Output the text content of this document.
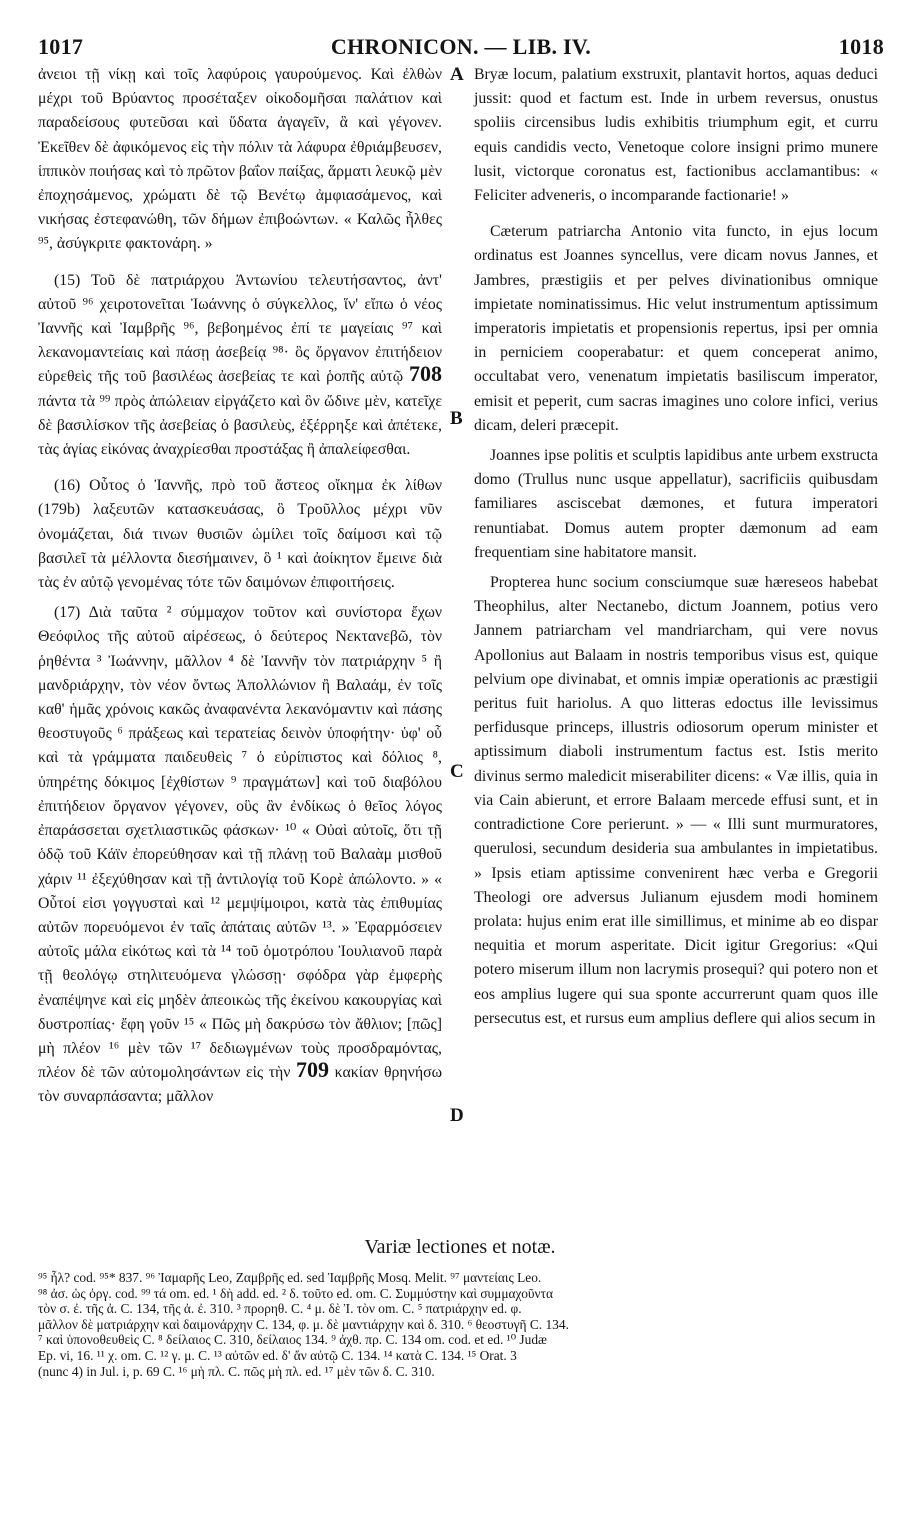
1017	CHRONICON. — LIB. IV.	1018
A
B
C
D

ἀνειοι τῇ νίκῃ καὶ τοῖς λαφύροις γαυρούμενος. Καὶ ἐλθὼν μέχρι τοῦ Βρύαντος προσέταξεν οἰκοδομῆσαι παλάτιον καὶ παραδείσους φυτεῦσαι καὶ ὕδατα ἀγαγεῖν, ἃ καὶ γέγονεν. Ἐκεῖθεν δὲ ἀφικόμενος εἰς τὴν πόλιν τὰ λάφυρα ἐθριάμβευσεν, ἱππικὸν ποιήσας καὶ τὸ πρῶτον βαΐον παίξας, ἅρματι λευκῷ μὲν ἐποχησάμενος, χρώματι δὲ τῷ Βενέτῳ ἀμφιασάμενος, καὶ νικήσας ἐστεφανώθη, τῶν δήμων ἐπιβοώντων. « Καλῶς ἦλθες ⁹⁵, ἀσύγκριτε φακτονάρη. »

(15) Τοῦ δὲ πατριάρχου Ἀντωνίου τελευτήσαντος, ἀντ' αὐτοῦ ⁹⁶ χειροτονεῖται Ἰωάννης ὁ σύγκελλος, ἵν' εἴπω ὁ νέος Ἰαννῆς καὶ Ἰαμβρῆς ⁹⁶, βεβοημένος ἐπί τε μαγείαις ⁹⁷ καὶ λεκανομαντείαις καὶ πάσῃ ἀσεβείᾳ ⁹⁸· ὃς ὄργανον ἐπιτήδειον εὑρεθεὶς τῆς τοῦ βασιλέως ἀσεβείας τε καὶ ῥοπῆς αὐτῷ 708 πάντα τὰ ⁹⁹ πρὸς ἀπώλειαν εἰργάζετο καὶ ὃν ὤδινε μὲν, κατεῖχε δὲ βασιλίσκον τῆς ἀσεβείας ὁ βασιλεὺς, ἐξέρρηξε καὶ ἀπέτεκε, τὰς ἁγίας εἰκόνας ἀναχρίεσθαι προστάξας ἢ ἀπαλείφεσθαι.

(16) Οὗτος ὁ Ἰαννῆς, πρὸ τοῦ ἄστεος οἴκημα ἐκ λίθων (179b) λαξευτῶν κατασκευάσας, ὃ Τροῦλλος μέχρι νῦν ὀνομάζεται, διά τινων θυσιῶν ὡμίλει τοῖς δαίμοσι καὶ τῷ βασιλεῖ τὰ μέλλοντα διεσήμαινεν, ὃ ¹ καὶ ἀοίκητον ἔμεινε διὰ τὰς ἐν αὐτῷ γενομένας τότε τῶν δαιμόνων ἐπιφοιτήσεις.

(17) Διὰ ταῦτα ² σύμμαχον τοῦτον καὶ συνίστορα ἔχων Θεόφιλος τῆς αὐτοῦ αἱρέσεως, ὁ δεύτερος Νεκτανεβῶ, τὸν ῥηθέντα ³ Ἰωάννην, μᾶλλον ⁴ δὲ Ἰαννῆν τὸν πατριάρχην ⁵ ἢ μανδριάρχην, τὸν νέον ὄντως Ἀπολλώνιον ἢ Βαλαάμ, ἐν τοῖς καθ' ἡμᾶς χρόνοις κακῶς ἀναφανέντα λεκανόμαντιν καὶ πάσης θεοστυγοῦς ⁶ πράξεως καὶ τερατείας δεινὸν ὑποφήτην· ὑφ' οὗ καὶ τὰ γράμματα παιδευθεὶς ⁷ ὁ εὐρίπιστος καὶ δόλιος ⁸, ὑπηρέτης δόκιμος [ἐχθίστων ⁹ πραγμάτων] καὶ τοῦ διαβόλου ἐπιτήδειον ὄργανον γέγονεν, οὓς ἂν ἐνδίκως ὁ θεῖος λόγος ἐπαράσσεται σχετλιαστικῶς φάσκων· ¹⁰ « Οὐαὶ αὐτοῖς, ὅτι τῇ ὁδῷ τοῦ Κάϊν ἐπορεύθησαν καὶ τῇ πλάνῃ τοῦ Βαλαὰμ μισθοῦ χάριν ¹¹ ἐξεχύθησαν καὶ τῇ ἀντιλογίᾳ τοῦ Κορὲ ἀπώλοντο. » « Οὗτοί εἰσι γογγυσταὶ καὶ ¹² μεμψίμοιροι, κατὰ τὰς ἐπιθυμίας αὐτῶν πορευόμενοι ἐν ταῖς ἀπάταις αὐτῶν ¹³. » Ἐφαρμόσειεν αὐτοῖς μάλα εἰκότως καὶ τὰ ¹⁴ τοῦ ὁμοτρόπου Ἰουλιανοῦ παρὰ τῇ θεολόγῳ στηλιτευόμενα γλώσσῃ· σφόδρα γὰρ ἐμφερὴς ἐναπέψηνε καὶ εἰς μηδὲν ἀπεοικὼς τῆς ἐκείνου κακουργίας καὶ δυστροπίας· ἔφη γοῦν ¹⁵ « Πῶς μὴ δακρύσω τὸν ἄθλιον; [πῶς] μὴ πλέον ¹⁶ μὲν τῶν ¹⁷ δεδιωγμένων τοὺς προσδραμόντας, πλέον δὲ τῶν αὐτομολησάντων εἰς τὴν 709 κακίαν θρηνήσω τὸν συναρπάσαντα; μᾶλλον

Bryæ locum, palatium exstruxit, plantavit hortos, aquas deduci jussit: quod et factum est. Inde in urbem reversus, onustus spoliis circensibus ludis exhibitis triumphum egit, et curru equis candidis vecto, Venetoque colore insigni primo munere lusit, victorque coronatus est, factionibus acclamantibus: « Feliciter adveneris, o incomparande factionarie! »

Cæterum patriarcha Antonio vita functo, in ejus locum ordinatus est Joannes syncellus, vere dicam novus Jannes, et Jambres, præstigiis et per pelves divinationibus omnique impietate nominatissimus. Hic velut instrumentum aptissimum imperatoris impietatis et propensionis repertus, ipsi per omnia in perniciem cooperabatur: et quem conceperat animo, occultabat vero, venenatum impietatis basiliscum imperator, emisit et peperit, cum sacras imagines uno colore infici, verius dicam, deleri præcepit.

Joannes ipse politis et sculptis lapidibus ante urbem exstructa domo (Trullus nunc usque appellatur), sacrificiis quibusdam familiares asciscebat dæmones, et futura imperatori renuntiabat. Domus autem propter dæmonum ad eam frequentiam sine habitatore mansit.

Propterea hunc socium consciumque suæ hæreseos habebat Theophilus, alter Nectanebo, dictum Joannem, potius vero Jannem patriarcham vel mandriarcham, qui vere novus Apollonius aut Balaam in nostris temporibus visus est, quique pelvium ope divinabat, et omnis impiæ operationis ac præstigii peritus fuit hariolus. A quo litteras edoctus ille levissimus perfidusque princeps, illustris odiosorum operum minister et aptissimum diaboli instrumentum factus est. Istis merito divinus sermo maledicit miserabiliter dicens: « Væ illis, quia in via Cain abierunt, et errore Balaam mercede effusi sunt, et in contradictione Core perierunt. » — « Illi sunt murmuratores, querulosi, secundum desideria sua ambulantes in impietatibus. » Ipsis etiam aptissime convenirent hæc verba e Gregorii Theologi ore adversus Julianum ejusdem modi hominem prolata: hujus enim erat ille simillimus, et minime ab eo dispar nequitia et morum asperitate. Dicit igitur Gregorius: «Qui potero miserum illum non lacrymis prosequi? qui potero non et eos amplius lugere qui sua sponte accurrerunt quam quos ille persecutus est, et rursus eum amplius deflere qui alios secum in

Variæ lectiones et notæ.

⁹⁵ ἦλ? cod. ⁹⁵* 837. ⁹⁶ Ἰαμαρῆς Leo, Ζαμβρῆς ed. sed Ἰαμβρῆς Mosq. Melit. ⁹⁷ μαντείαις Leo.

⁹⁸ ἀσ. ὡς ὀργ. cod. ⁹⁹ τά om. ed. ¹ δὴ add. ed. ² δ. τοῦτο ed. om. C. Συμμύστην καὶ συμμαχοῦντα

τὸν σ. ἐ. τῆς ἀ. C. 134, τῆς ἀ. ἐ. 310. ³ προρηθ. C. ⁴ μ. δὲ Ἰ. τὸν om. C. ⁵ πατριάρχην ed. φ.

μᾶλλον δὲ ματριάρχην καὶ δαιμονάρχην C. 134, φ. μ. δὲ μαντιάρχην καὶ δ. 310. ⁶ θεοστυγῆ C. 134.

⁷ καὶ ὑπονοθευθεὶς C. ⁸ δείλαιος C. 310, δείλαιος 134. ⁹ ἀχθ. πρ. C. 134 om. cod. et ed. ¹⁰ Judæ

Ep. vi, 16. ¹¹ χ. om. C. ¹² γ. μ. C. ¹³ αὐτῶν ed. δ' ἄν αὐτῷ C. 134. ¹⁴ κατὰ C. 134. ¹⁵ Orat. 3

(nunc 4) in Jul. i, p. 69 C. ¹⁶ μὴ πλ. C. πῶς μὴ πλ. ed. ¹⁷ μὲν τῶν δ. C. 310.
